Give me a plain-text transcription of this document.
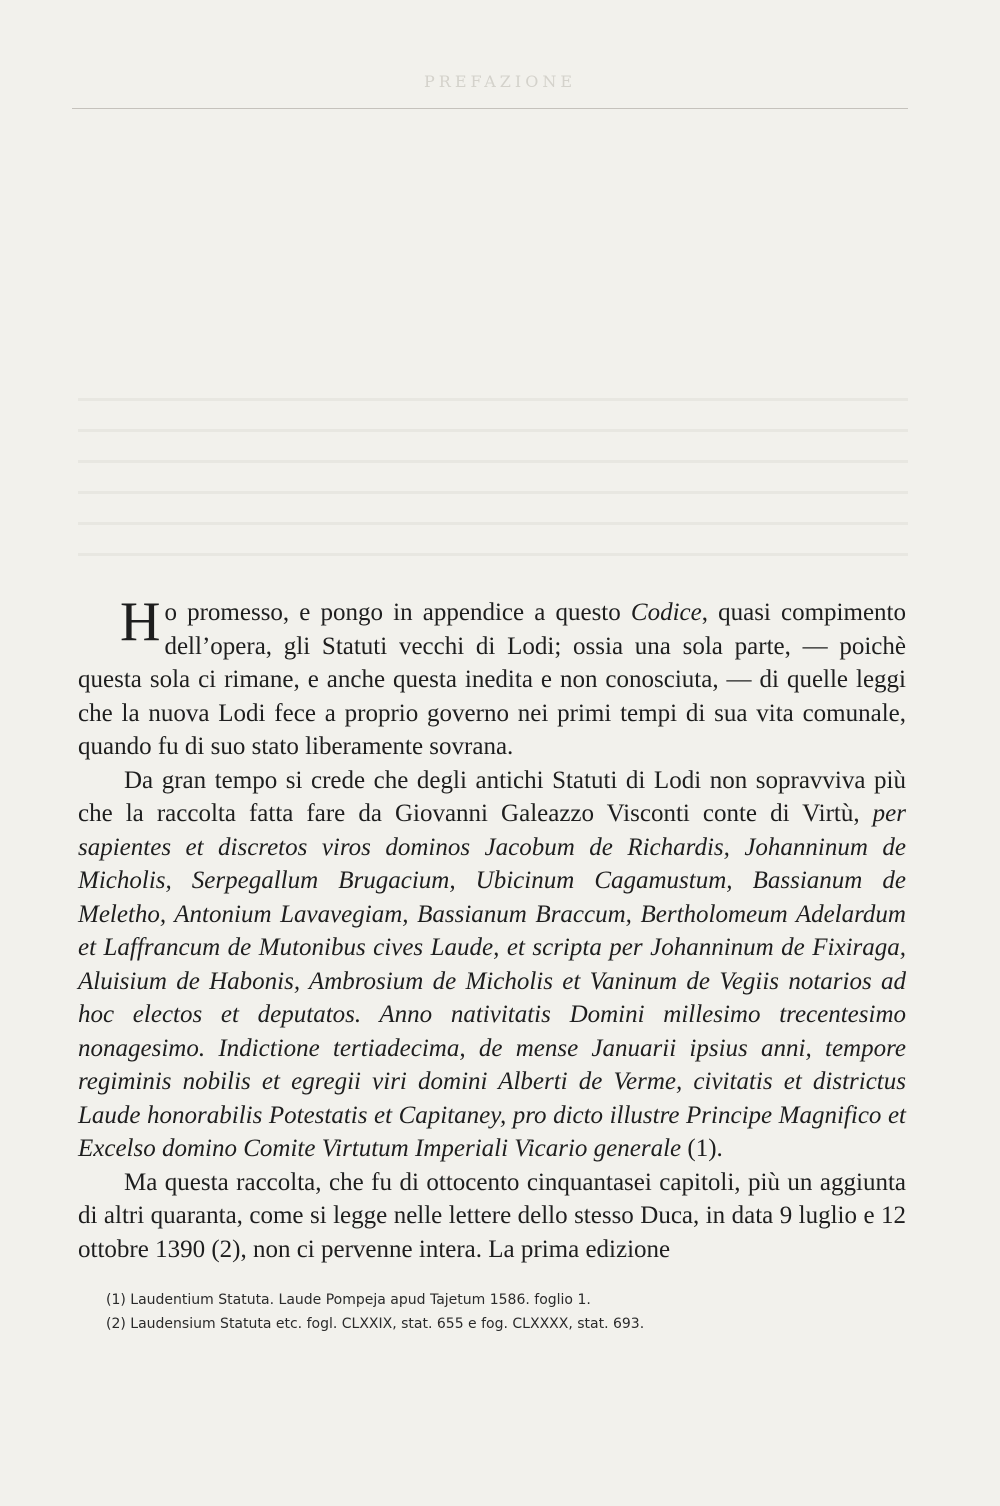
PREFAZIONE

Ho promesso, e pongo in appendice a questo Codice, quasi compimento dell’opera, gli Statuti vecchi di Lodi; ossia una sola parte, — poichè questa sola ci rimane, e anche questa inedita e non conosciuta, — di quelle leggi che la nuova Lodi fece a proprio governo nei primi tempi di sua vita comunale, quando fu di suo stato liberamente sovrana.

Da gran tempo si crede che degli antichi Statuti di Lodi non sopravviva più che la raccolta fatta fare da Giovanni Galeazzo Visconti conte di Virtù, per sapientes et discretos viros dominos Jacobum de Richardis, Johanninum de Micholis, Serpegallum Brugacium, Ubicinum Cagamustum, Bassianum de Meletho, Antonium Lavavegiam, Bassianum Braccum, Bertholomeum Adelardum et Laffrancum de Mutonibus cives Laude, et scripta per Johanninum de Fixiraga, Aluisium de Habonis, Ambrosium de Micholis et Vaninum de Vegiis notarios ad hoc electos et deputatos. Anno nativitatis Domini millesimo trecentesimo nonagesimo. Indictione tertiadecima, de mense Januarii ipsius anni, tempore regiminis nobilis et egregii viri domini Alberti de Verme, civitatis et districtus Laude honorabilis Potestatis et Capitaney, pro dicto illustre Principe Magnifico et Excelso domino Comite Virtutum Imperiali Vicario generale (1).

Ma questa raccolta, che fu di ottocento cinquantasei capitoli, più un aggiunta di altri quaranta, come si legge nelle lettere dello stesso Duca, in data 9 luglio e 12 ottobre 1390 (2), non ci pervenne intera. La prima edizione

(1) Laudentium Statuta. Laude Pompeja apud Tajetum 1586. foglio 1.
(2) Laudensium Statuta etc. fogl. CLXXIX, stat. 655 e fog. CLXXXX, stat. 693.
